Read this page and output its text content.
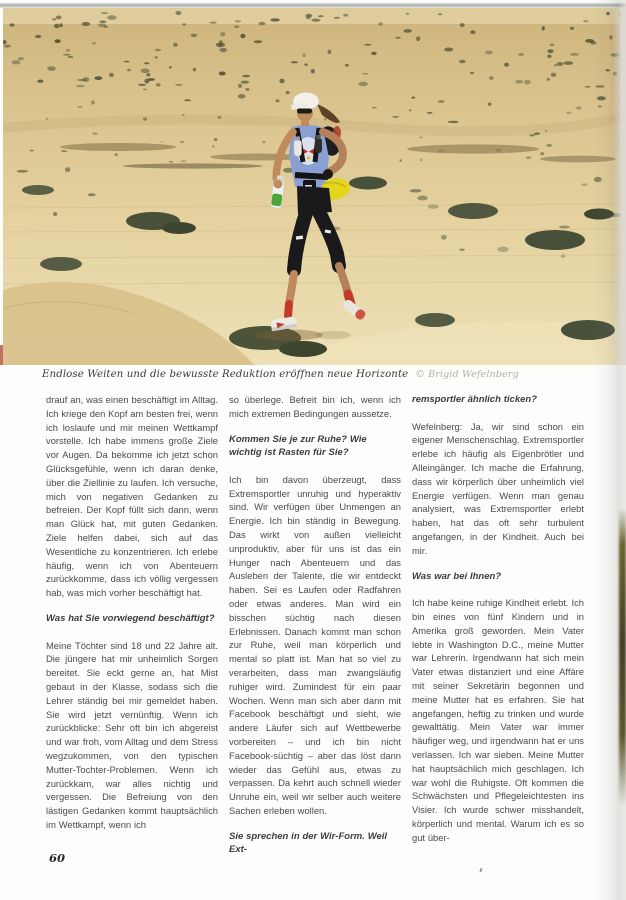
Endlose Weiten und die bewusste Reduktion eröffnen neue Horizonte © Brigid Wefelnberg

drauf an, was einen beschäftigt im Alltag. Ich kriege den Kopf am besten frei, wenn ich loslaufe und mir meinen Wettkampf vorstelle. Ich habe immens große Ziele vor Augen. Da bekomme ich jetzt schon Glücksgefühle, wenn ich daran denke, über die Ziellinie zu laufen. Ich versuche, mich von negativen Gedanken zu befreien. Der Kopf füllt sich dann, wenn man Glück hat, mit guten Gedanken. Ziele helfen dabei, sich auf das Wesentliche zu konzentrieren. Ich erlebe häufig, wenn ich von Abenteuern zurückkomme, dass ich völlig vergessen hab, was mich vorher beschäftigt hat.

Was hat Sie vorwiegend beschäftigt?

Meine Töchter sind 18 und 22 Jahre alt. Die jüngere hat mir unheimlich Sorgen bereitet. Sie eckt gerne an, hat Mist gebaut in der Klasse, sodass sich die Lehrer ständig bei mir gemeldet haben. Sie wird jetzt vernünftig. Wenn ich zurückblicke: Sehr oft bin ich abgereist und war froh, vom Alltag und dem Stress wegzukommen, von den typischen Mutter-Tochter-Problemen. Wenn ich zurückkam, war alles nichtig und vergessen. Die Befreiung von den lästigen Gedanken kommt hauptsächlich im Wettkampf, wenn ich

so überlege. Befreit bin ich, wenn ich mich extremen Bedingungen aussetze.

Kommen Sie je zur Ruhe? Wie wichtig ist Rasten für Sie?

Ich bin davon überzeugt, dass Extremsportler unruhig und hyperaktiv sind. Wir verfügen über Unmengen an Energie. Ich bin ständig in Bewegung. Das wirkt von außen vielleicht unproduktiv, aber für uns ist das ein Hunger nach Abenteuern und das Ausleben der Talente, die wir entdeckt haben. Sei es Laufen oder Radfahren oder etwas anderes. Man wird ein bisschen süchtig nach diesen Erlebnissen. Danach kommt man schon zur Ruhe, weil man körperlich und mental so platt ist. Man hat so viel zu verarbeiten, dass man zwangsläufig ruhiger wird. Zumindest für ein paar Wochen. Wenn man sich aber dann mit Facebook beschäftigt und sieht, wie andere Läufer sich auf Wettbewerbe vorbereiten – und ich bin nicht Facebook-süchtig – aber das löst dann wieder das Gefühl aus, etwas zu verpassen. Da kehrt auch schnell wieder Unruhe ein, weil wir selber auch weitere Sachen erleben wollen.

Sie sprechen in der Wir-Form. Weil Ext-

remsportler ähnlich ticken?

Wefelnberg: Ja, wir sind schon ein eigener Menschenschlag. Extremsportler erlebe ich häufig als Eigenbrötler und Alleingänger. Ich mache die Erfahrung, dass wir körperlich über unheimlich viel Energie verfügen. Wenn man genau analysiert, was Extremsportler erlebt haben, hat das oft sehr turbulent angefangen, in der Kindheit. Auch bei mir.

Was war bei Ihnen?

Ich habe keine ruhige Kindheit erlebt. Ich bin eines von fünf Kindern und in Amerika groß geworden. Mein Vater lebte in Washington D.C., meine Mutter war Lehrerin. Irgendwann hat sich mein Vater etwas distanziert und eine Affäre mit seiner Sekretärin begonnen und meine Mutter hat es erfahren. Sie hat angefangen, heftig zu trinken und wurde gewalttätig. Mein Vater war immer häufiger weg, und irgendwann hat er uns verlassen. Ich war sieben. Meine Mutter hat hauptsächlich mich geschlagen. Ich war wohl die Ruhigste. Oft kommen die Schwächsten und Pflegeleichtesten ins Visier. Ich wurde schwer misshandelt, körperlich und mental. Warum ich es so gut über-

60
